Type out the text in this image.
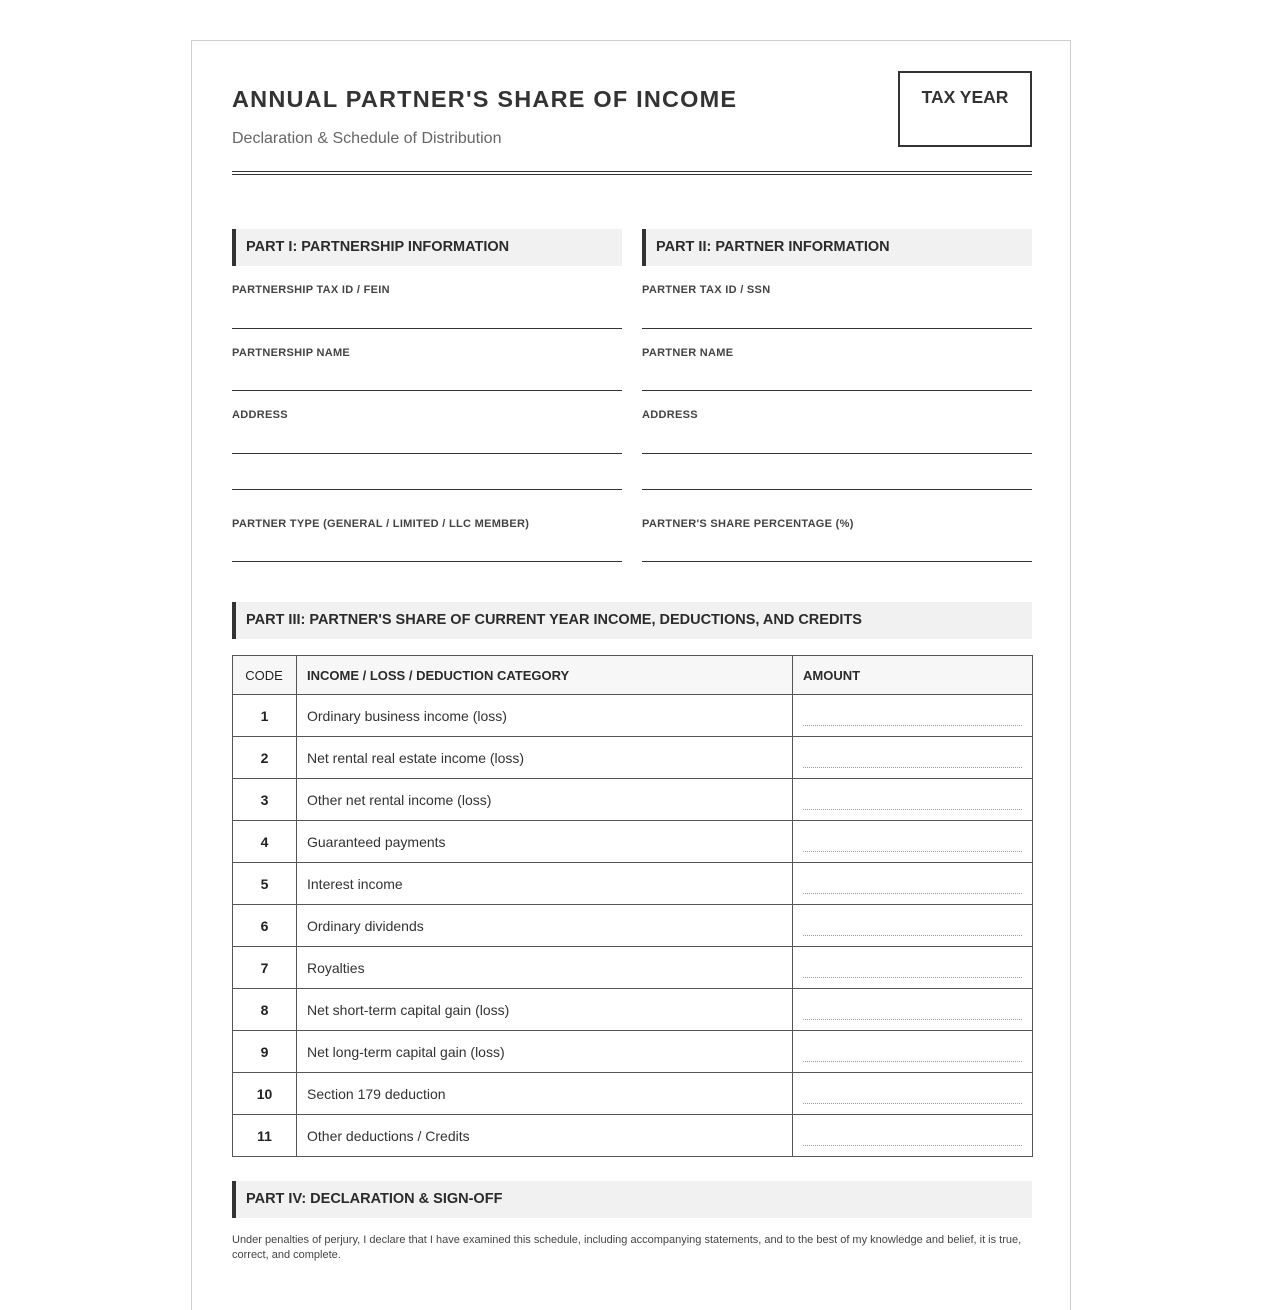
ANNUAL PARTNER'S SHARE OF INCOME
Declaration & Schedule of Distribution
TAX YEAR
PART I: PARTNERSHIP INFORMATION
PARTNERSHIP TAX ID / FEIN
PARTNERSHIP NAME
ADDRESS
PARTNER TYPE (GENERAL / LIMITED / LLC MEMBER)
PART II: PARTNER INFORMATION
PARTNER TAX ID / SSN
PARTNER NAME
ADDRESS
PARTNER'S SHARE PERCENTAGE (%)
PART III: PARTNER'S SHARE OF CURRENT YEAR INCOME, DEDUCTIONS, AND CREDITS
CODE	INCOME / LOSS / DEDUCTION CATEGORY	AMOUNT
1	Ordinary business income (loss)	

2	Net rental real estate income (loss)	

3	Other net rental income (loss)	

4	Guaranteed payments	

5	Interest income	

6	Ordinary dividends	

7	Royalties	

8	Net short-term capital gain (loss)	

9	Net long-term capital gain (loss)	

10	Section 179 deduction	

11	Other deductions / Credits	
PART IV: DECLARATION & SIGN-OFF
Under penalties of perjury, I declare that I have examined this schedule, including accompanying statements, and to the best of my knowledge and belief, it is true, correct, and complete.
